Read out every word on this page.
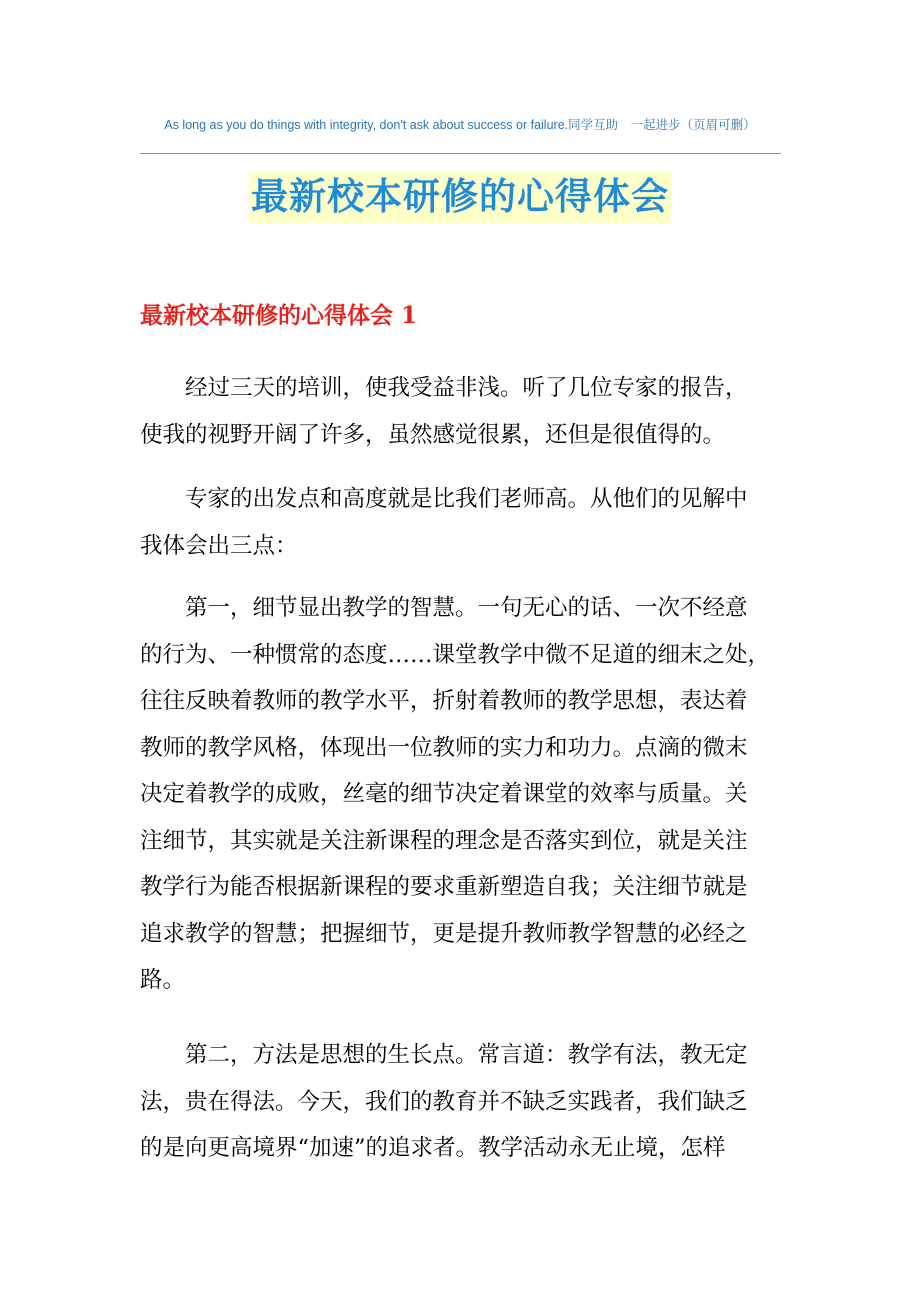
As long as you do things with integrity, don't ask about success or failure.同学互助　一起进步（页眉可删）
最新校本研修的心得体会
最新校本研修的心得体会 1
经过三天的培训，使我受益非浅。听了几位专家的报告，
使我的视野开阔了许多，虽然感觉很累，还但是很值得的。
专家的出发点和高度就是比我们老师高。从他们的见解中
我体会出三点：
第一，细节显出教学的智慧。一句无心的话、一次不经意
的行为、一种惯常的态度……课堂教学中微不足道的细末之处，
往往反映着教师的教学水平，折射着教师的教学思想，表达着
教师的教学风格，体现出一位教师的实力和功力。点滴的微末
决定着教学的成败，丝毫的细节决定着课堂的效率与质量。关
注细节，其实就是关注新课程的理念是否落实到位，就是关注
教学行为能否根据新课程的要求重新塑造自我；关注细节就是
追求教学的智慧；把握细节，更是提升教师教学智慧的必经之
路。
第二，方法是思想的生长点。常言道：教学有法，教无定
法，贵在得法。今天，我们的教育并不缺乏实践者，我们缺乏
的是向更高境界“加速”的追求者。教学活动永无止境，怎样
